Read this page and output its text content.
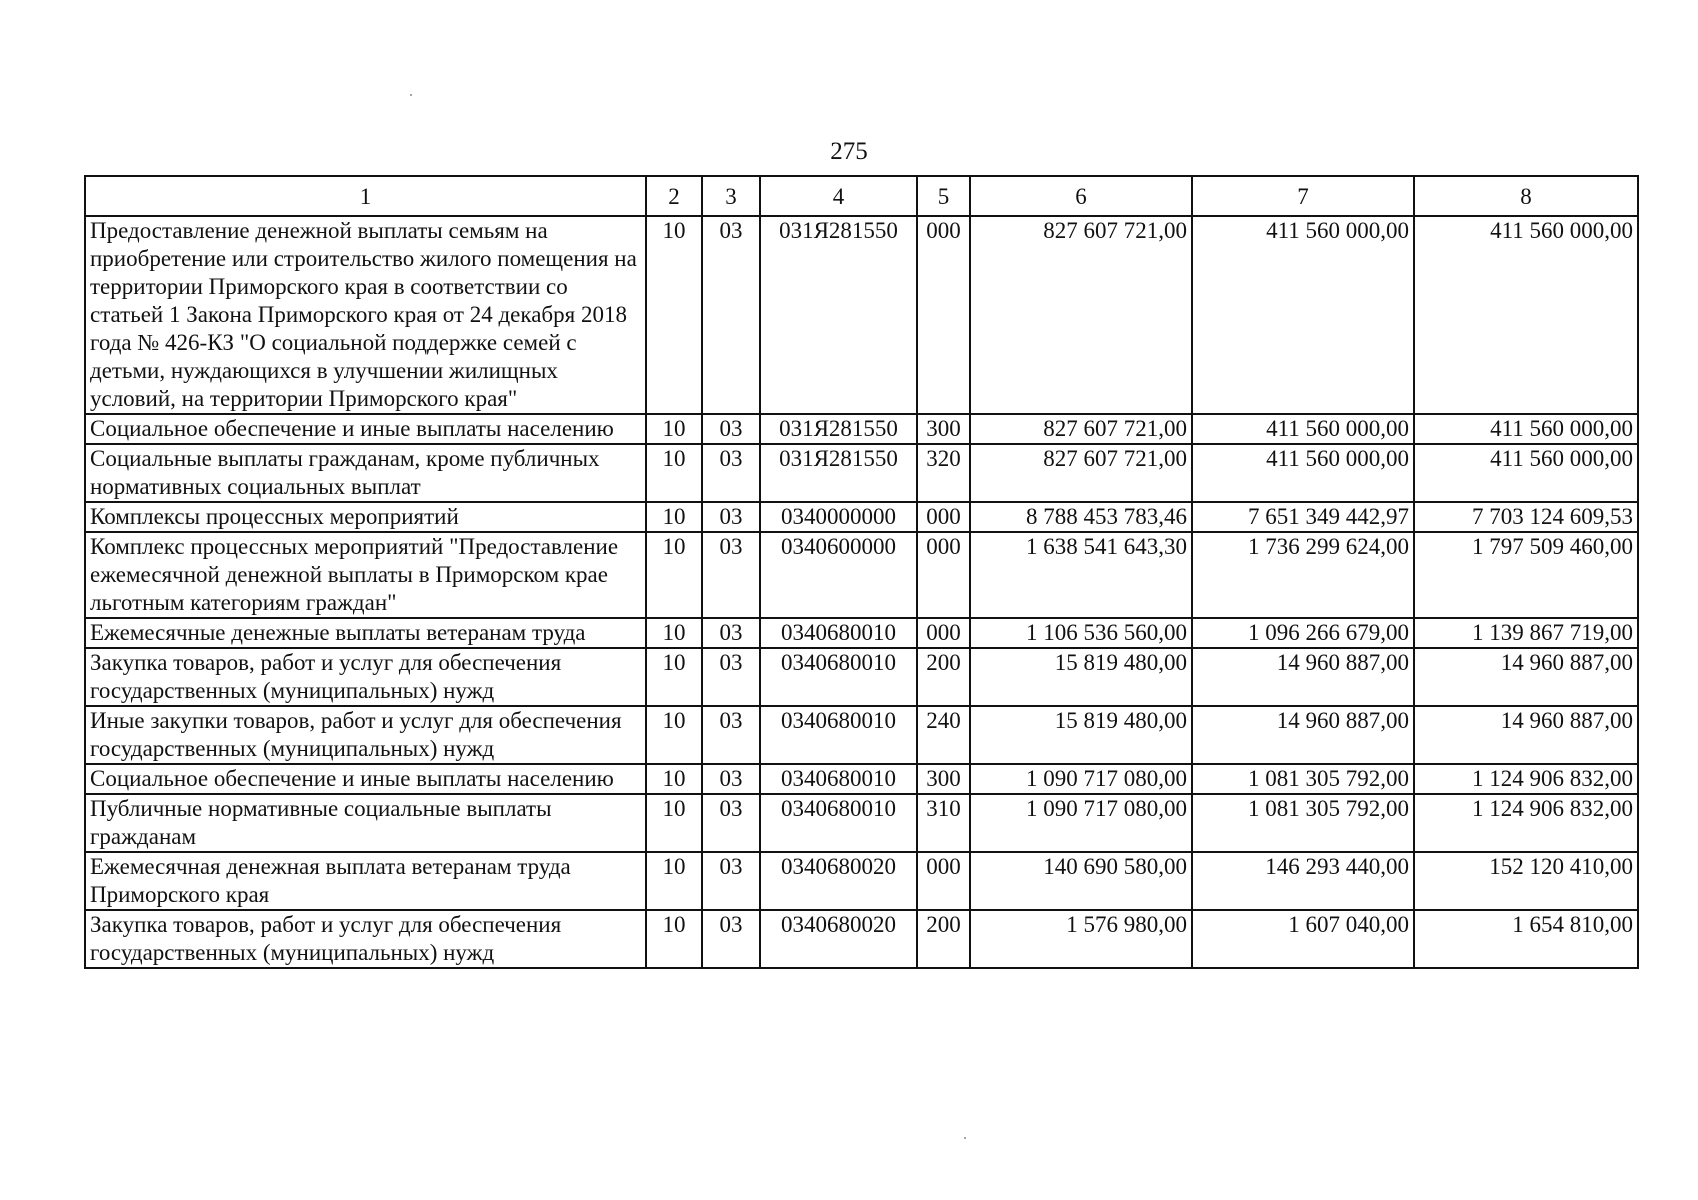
275
1	2	3	4	5	6	7	8
Предоставление денежной выплаты семьям на приобретение или строительство жилого помещения на территории Приморского края в соответствии со статьей 1 Закона Приморского края от 24 декабря 2018 года № 426-КЗ "О социальной поддержке семей с детьми, нуждающихся в улучшении жилищных условий, на территории Приморского края"	10	03	031Я281550	000	827 607 721,00	411 560 000,00	411 560 000,00
Социальное обеспечение и иные выплаты населению	10	03	031Я281550	300	827 607 721,00	411 560 000,00	411 560 000,00
Социальные выплаты гражданам, кроме публичных нормативных социальных выплат	10	03	031Я281550	320	827 607 721,00	411 560 000,00	411 560 000,00
Комплексы процессных мероприятий	10	03	0340000000	000	8 788 453 783,46	7 651 349 442,97	7 703 124 609,53
Комплекс процессных мероприятий "Предоставление ежемесячной денежной выплаты в Приморском крае льготным категориям граждан"	10	03	0340600000	000	1 638 541 643,30	1 736 299 624,00	1 797 509 460,00
Ежемесячные денежные выплаты ветеранам труда	10	03	0340680010	000	1 106 536 560,00	1 096 266 679,00	1 139 867 719,00
Закупка товаров, работ и услуг для обеспечения государственных (муниципальных) нужд	10	03	0340680010	200	15 819 480,00	14 960 887,00	14 960 887,00
Иные закупки товаров, работ и услуг для обеспечения государственных (муниципальных) нужд	10	03	0340680010	240	15 819 480,00	14 960 887,00	14 960 887,00
Социальное обеспечение и иные выплаты населению	10	03	0340680010	300	1 090 717 080,00	1 081 305 792,00	1 124 906 832,00
Публичные нормативные социальные выплаты гражданам	10	03	0340680010	310	1 090 717 080,00	1 081 305 792,00	1 124 906 832,00
Ежемесячная денежная выплата ветеранам труда Приморского края	10	03	0340680020	000	140 690 580,00	146 293 440,00	152 120 410,00
Закупка товаров, работ и услуг для обеспечения государственных (муниципальных) нужд	10	03	0340680020	200	1 576 980,00	1 607 040,00	1 654 810,00
